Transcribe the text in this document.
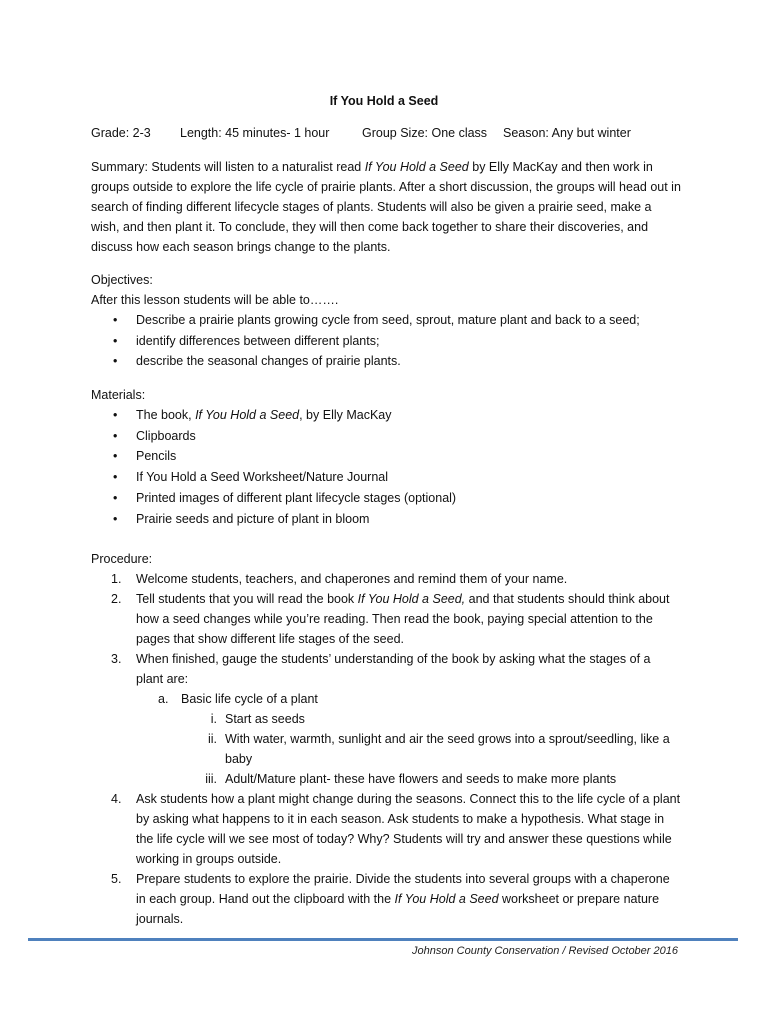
If You Hold a Seed
Grade: 2-3 Length: 45 minutes- 1 hour	Group Size: One class Season: Any but winter

Summary: Students will listen to a naturalist read If You Hold a Seed by Elly MacKay and then work in groups outside to explore the life cycle of prairie plants. After a short discussion, the groups will head out in search of finding different lifecycle stages of plants. Students will also be given a prairie seed, make a wish, and then plant it. To conclude, they will then come back together to share their discoveries, and discuss how each season brings change to the plants.

Objectives:
After this lesson students will be able to…….
• Describe a prairie plants growing cycle from seed, sprout, mature plant and back to a seed;
• identify differences between different plants;
• describe the seasonal changes of prairie plants.
Materials:
• The book, If You Hold a Seed, by Elly MacKay
• Clipboards
• Pencils
• If You Hold a Seed Worksheet/Nature Journal
• Printed images of different plant lifecycle stages (optional)
• Prairie seeds and picture of plant in bloom
Procedure:
1.	Welcome students, teachers, and chaperones and remind them of your name.
2.	Tell students that you will read the book If You Hold a Seed, and that students should think about how a seed changes while you’re reading. Then read the book, paying special attention to the pages that show different life stages of the seed.
3.	When finished, gauge the students’ understanding of the book by asking what the stages of a plant are:
a. Basic life cycle of a plant
i. Start as seeds
ii. With water, warmth, sunlight and air the seed grows into a sprout/seedling, like a baby
iii. Adult/Mature plant- these have flowers and seeds to make more plants
4.	Ask students how a plant might change during the seasons. Connect this to the life cycle of a plant by asking what happens to it in each season. Ask students to make a hypothesis. What stage in the life cycle will we see most of today? Why? Students will try and answer these questions while working in groups outside.
5.	Prepare students to explore the prairie. Divide the students into several groups with a chaperone in each group. Hand out the clipboard with the If You Hold a Seed worksheet or prepare nature journals.
Johnson County Conservation / Revised October 2016
